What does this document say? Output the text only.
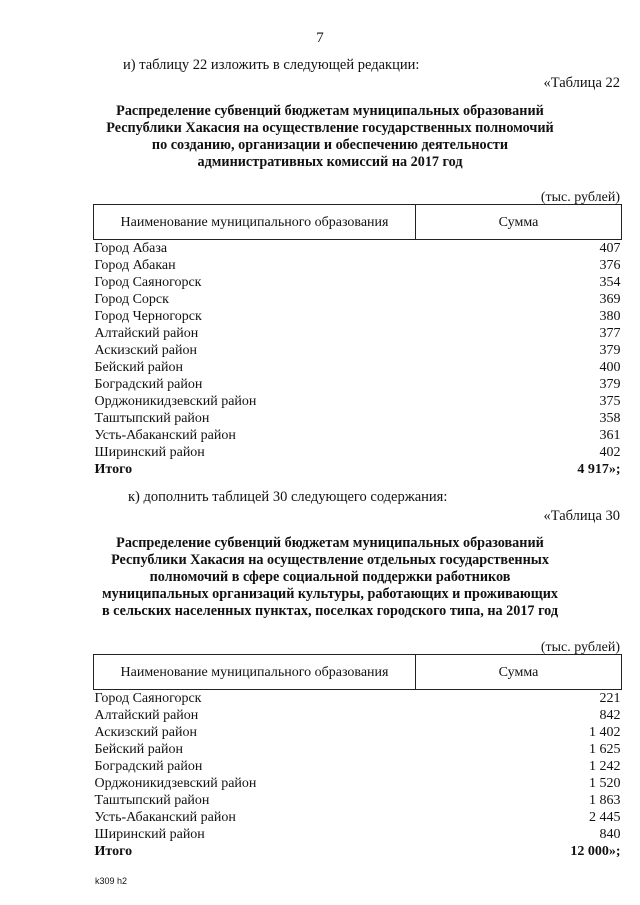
7
и) таблицу 22 изложить в следующей редакции:
«Таблица 22
Распределение субвенций бюджетам муниципальных образований
Республики Хакасия на осуществление государственных полномочий
по созданию, организации и обеспечению деятельности
административных комиссий на 2017 год
(тыс. рублей)
Наименование муниципального образования	Сумма
Город Абаза	407
Город Абакан	376
Город Саяногорск	354
Город Сорск	369
Город Черногорск	380
Алтайский район	377
Аскизский район	379
Бейский район	400
Боградский район	379
Орджоникидзевский район	375
Таштыпский район	358
Усть-Абаканский район	361
Ширинский район	402
Итого	4 917»;
к) дополнить таблицей 30 следующего содержания:
«Таблица 30
Распределение субвенций бюджетам муниципальных образований
Республики Хакасия на осуществление отдельных государственных
полномочий в сфере социальной поддержки работников
муниципальных организаций культуры, работающих и проживающих
в сельских населенных пунктах, поселках городского типа, на 2017 год
(тыс. рублей)
Наименование муниципального образования	Сумма
Город Саяногорск	221
Алтайский район	842
Аскизский район	1 402
Бейский район	1 625
Боградский район	1 242
Орджоникидзевский район	1 520
Таштыпский район	1 863
Усть-Абаканский район	2 445
Ширинский район	840
Итого	12 000»;
k309 h2
